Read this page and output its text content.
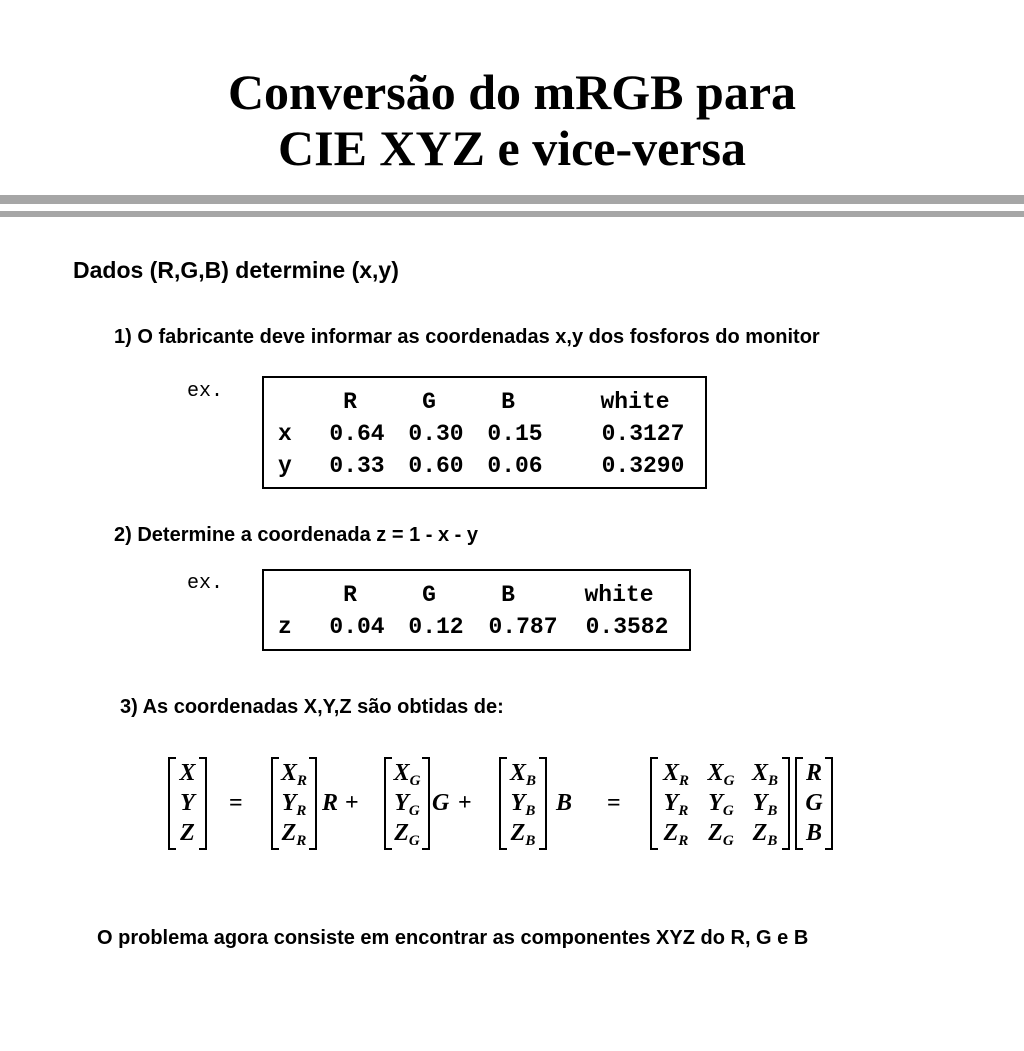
Conversão do mRGB para
CIE XYZ e vice-versa
Dados (R,G,B) determine (x,y)
1) O fabricante deve informar as coordenadas x,y dos fosforos do monitor
ex.	R	G	B	white
x 0.64 0.30 0.15	0.3127
y 0.33 0.60 0.06	0.3290
2) Determine a coordenada z = 1 - x - y
ex.	R	G	B	white
z 0.04 0.12 0.787 0.3582
3) As coordenadas X,Y,Z são obtidas de:
X
Y
Z
=
$X_R$
$Y_R$
$Z_R$
R +
$X_G$
$Y_G$
$Z_G$
G +
$X_B$
$Y_B$
$Z_B$
B =
$X_R$
$Y_R$
$Z_R$
$X_G$
$Y_G$
$Z_G$
$X_B$
$Y_B$
$Z_B$
R
G
B
O problema agora consiste em encontrar as componentes XYZ do R, G e B
